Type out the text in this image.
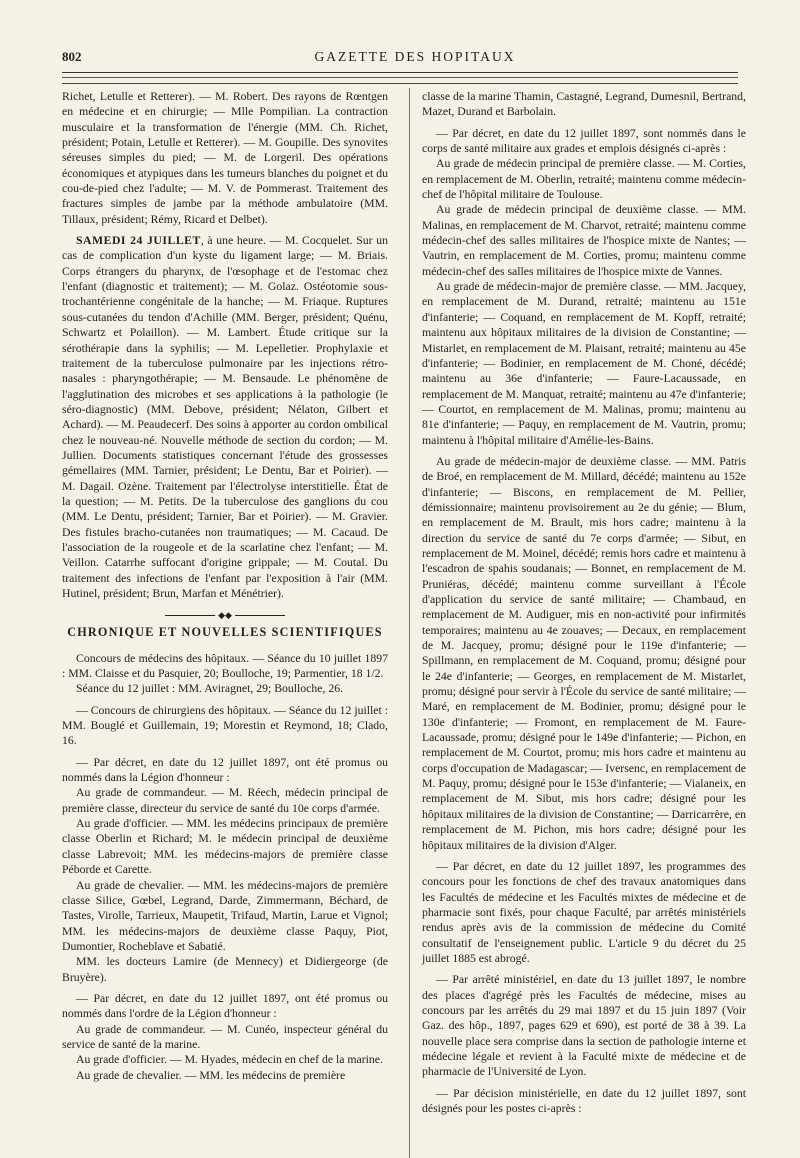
802	GAZETTE DES HOPITAUX

Richet, Letulle et Retterer). — M. Robert. Des rayons de Rœntgen en médecine et en chirurgie; — Mlle Pompilian. La contraction musculaire et la transformation de l'énergie (MM. Ch. Richet, président; Potain, Letulle et Retterer). — M. Goupille. Des synovites séreuses simples du pied; — M. de Lorgeril. Des opérations économiques et atypiques dans les tumeurs blanches du poignet et du cou-de-pied chez l'adulte; — M. V. de Pommerast. Traitement des fractures simples de jambe par la méthode ambulatoire (MM. Tillaux, président; Rémy, Ricard et Delbet).

SAMEDI 24 JUILLET, à une heure. — M. Cocquelet. Sur un cas de complication d'un kyste du ligament large; — M. Briais. Corps étrangers du pharynx, de l'œsophage et de l'estomac chez l'enfant (diagnostic et traitement); — M. Golaz. Ostéotomie sous-trochantérienne congénitale de la hanche; — M. Friaque. Ruptures sous-cutanées du tendon d'Achille (MM. Berger, président; Quénu, Schwartz et Polaillon). — M. Lambert. Étude critique sur la sérothérapie dans la syphilis; — M. Lepelletier. Prophylaxie et traitement de la tuberculose pulmonaire par les injections rétro-nasales : pharyngothérapie; — M. Bensaude. Le phénomène de l'agglutination des microbes et ses applications à la pathologie (le séro-diagnostic) (MM. Debove, président; Nélaton, Gilbert et Achard). — M. Peaudecerf. Des soins à apporter au cordon ombilical chez le nouveau-né. Nouvelle méthode de section du cordon; — M. Jullien. Documents statistiques concernant l'étude des grossesses gémellaires (MM. Tarnier, président; Le Dentu, Bar et Poirier). — M. Dagail. Ozène. Traitement par l'électrolyse interstitielle. État de la question; — M. Petits. De la tuberculose des ganglions du cou (MM. Le Dentu, président; Tarnier, Bar et Poirier). — M. Gravier. Des fistules bracho-cutanées non traumatiques; — M. Cacaud. De l'association de la rougeole et de la scarlatine chez l'enfant; — M. Veillon. Catarrhe suffocant d'origine grippale; — M. Coutal. Du traitement des infections de l'enfant par l'exposition à l'air (MM. Hutinel, président; Brun, Marfan et Ménétrier).

◆◆
CHRONIQUE ET NOUVELLES SCIENTIFIQUES

Concours de médecins des hôpitaux. — Séance du 10 juillet 1897 : MM. Claisse et du Pasquier, 20; Boulloche, 19; Parmentier, 18 1/2.

Séance du 12 juillet : MM. Aviragnet, 29; Boulloche, 26.

— Concours de chirurgiens des hôpitaux. — Séance du 12 juillet : MM. Bouglé et Guillemain, 19; Morestin et Reymond, 18; Clado, 16.

— Par décret, en date du 12 juillet 1897, ont été promus ou nommés dans la Légion d'honneur :

Au grade de commandeur. — M. Réech, médecin principal de première classe, directeur du service de santé du 10e corps d'armée.

Au grade d'officier. — MM. les médecins principaux de première classe Oberlin et Richard; M. le médecin principal de deuxième classe Labrevoit; MM. les médecins-majors de première classe Péborde et Carette.

Au grade de chevalier. — MM. les médecins-majors de première classe Silice, Gœbel, Legrand, Darde, Zimmermann, Béchard, de Tastes, Virolle, Tarrieux, Maupetit, Trifaud, Martin, Larue et Vignol; MM. les médecins-majors de deuxième classe Paquy, Piot, Dumontier, Rocheblave et Sabatié.

MM. les docteurs Lamire (de Mennecy) et Didiergeorge (de Bruyère).

— Par décret, en date du 12 juillet 1897, ont été promus ou nommés dans l'ordre de la Légion d'honneur :

Au grade de commandeur. — M. Cunéo, inspecteur général du service de santé de la marine.

Au grade d'officier. — M. Hyades, médecin en chef de la marine.

Au grade de chevalier. — MM. les médecins de première

classe de la marine Thamin, Castagné, Legrand, Dumesnil, Bertrand, Mazet, Durand et Barbolain.

— Par décret, en date du 12 juillet 1897, sont nommés dans le corps de santé militaire aux grades et emplois désignés ci-après :

Au grade de médecin principal de première classe. — M. Corties, en remplacement de M. Oberlin, retraité; maintenu comme médecin-chef de l'hôpital militaire de Toulouse.

Au grade de médecin principal de deuxième classe. — MM. Malinas, en remplacement de M. Charvot, retraité; maintenu comme médecin-chef des salles militaires de l'hospice mixte de Nantes; — Vautrin, en remplacement de M. Corties, promu; maintenu comme médecin-chef des salles militaires de l'hospice mixte de Vannes.

Au grade de médecin-major de première classe. — MM. Jacquey, en remplacement de M. Durand, retraité; maintenu au 151e d'infanterie; — Coquand, en remplacement de M. Kopff, retraité; maintenu aux hôpitaux militaires de la division de Constantine; — Mistarlet, en remplacement de M. Plaisant, retraité; maintenu au 45e d'infanterie; — Bodinier, en remplacement de M. Choné, décédé; maintenu au 36e d'infanterie; — Faure-Lacaussade, en remplacement de M. Manquat, retraité; maintenu au 47e d'infanterie; — Courtot, en remplacement de M. Malinas, promu; maintenu au 81e d'infanterie; — Paquy, en remplacement de M. Vautrin, promu; maintenu à l'hôpital militaire d'Amélie-les-Bains.

Au grade de médecin-major de deuxième classe. — MM. Patris de Broé, en remplacement de M. Millard, décédé; maintenu au 152e d'infanterie; — Biscons, en remplacement de M. Pellier, démissionnaire; maintenu provisoirement au 2e du génie; — Blum, en remplacement de M. Brault, mis hors cadre; maintenu à la direction du service de santé du 7e corps d'armée; — Sibut, en remplacement de M. Moinel, décédé; remis hors cadre et maintenu à l'escadron de spahis soudanais; — Bonnet, en remplacement de M. Pruniéras, décédé; maintenu comme surveillant à l'École d'application du service de santé militaire; — Chambaud, en remplacement de M. Audiguer, mis en non-activité pour infirmités temporaires; maintenu au 4e zouaves; — Decaux, en remplacement de M. Jacquey, promu; désigné pour le 119e d'infanterie; — Spillmann, en remplacement de M. Coquand, promu; désigné pour le 24e d'infanterie; — Georges, en remplacement de M. Mistarlet, promu; désigné pour servir à l'École du service de santé militaire; — Maré, en remplacement de M. Bodinier, promu; désigné pour le 130e d'infanterie; — Fromont, en remplacement de M. Faure-Lacaussade, promu; désigné pour le 149e d'infanterie; — Pichon, en remplacement de M. Courtot, promu; mis hors cadre et maintenu au corps d'occupation de Madagascar; — Iversenc, en remplacement de M. Paquy, promu; désigné pour le 153e d'infanterie; — Vialaneix, en remplacement de M. Sibut, mis hors cadre; désigné pour les hôpitaux militaires de la division de Constantine; — Darricarrère, en remplacement de M. Pichon, mis hors cadre; désigné pour les hôpitaux militaires de la division d'Alger.

— Par décret, en date du 12 juillet 1897, les programmes des concours pour les fonctions de chef des travaux anatomiques dans les Facultés de médecine et les Facultés mixtes de médecine et de pharmacie sont fixés, pour chaque Faculté, par arrêtés ministériels rendus après avis de la commission de médecine du Comité consultatif de l'enseignement public. L'article 9 du décret du 25 juillet 1885 est abrogé.

— Par arrêté ministériel, en date du 13 juillet 1897, le nombre des places d'agrégé près les Facultés de médecine, mises au concours par les arrêtés du 29 mai 1897 et du 15 juin 1897 (Voir Gaz. des hôp., 1897, pages 629 et 690), est porté de 38 à 39. La nouvelle place sera comprise dans la section de pathologie interne et médecine légale et revient à la Faculté mixte de médecine et de pharmacie de l'Université de Lyon.

— Par décision ministérielle, en date du 12 juillet 1897, sont désignés pour les postes ci-après :
